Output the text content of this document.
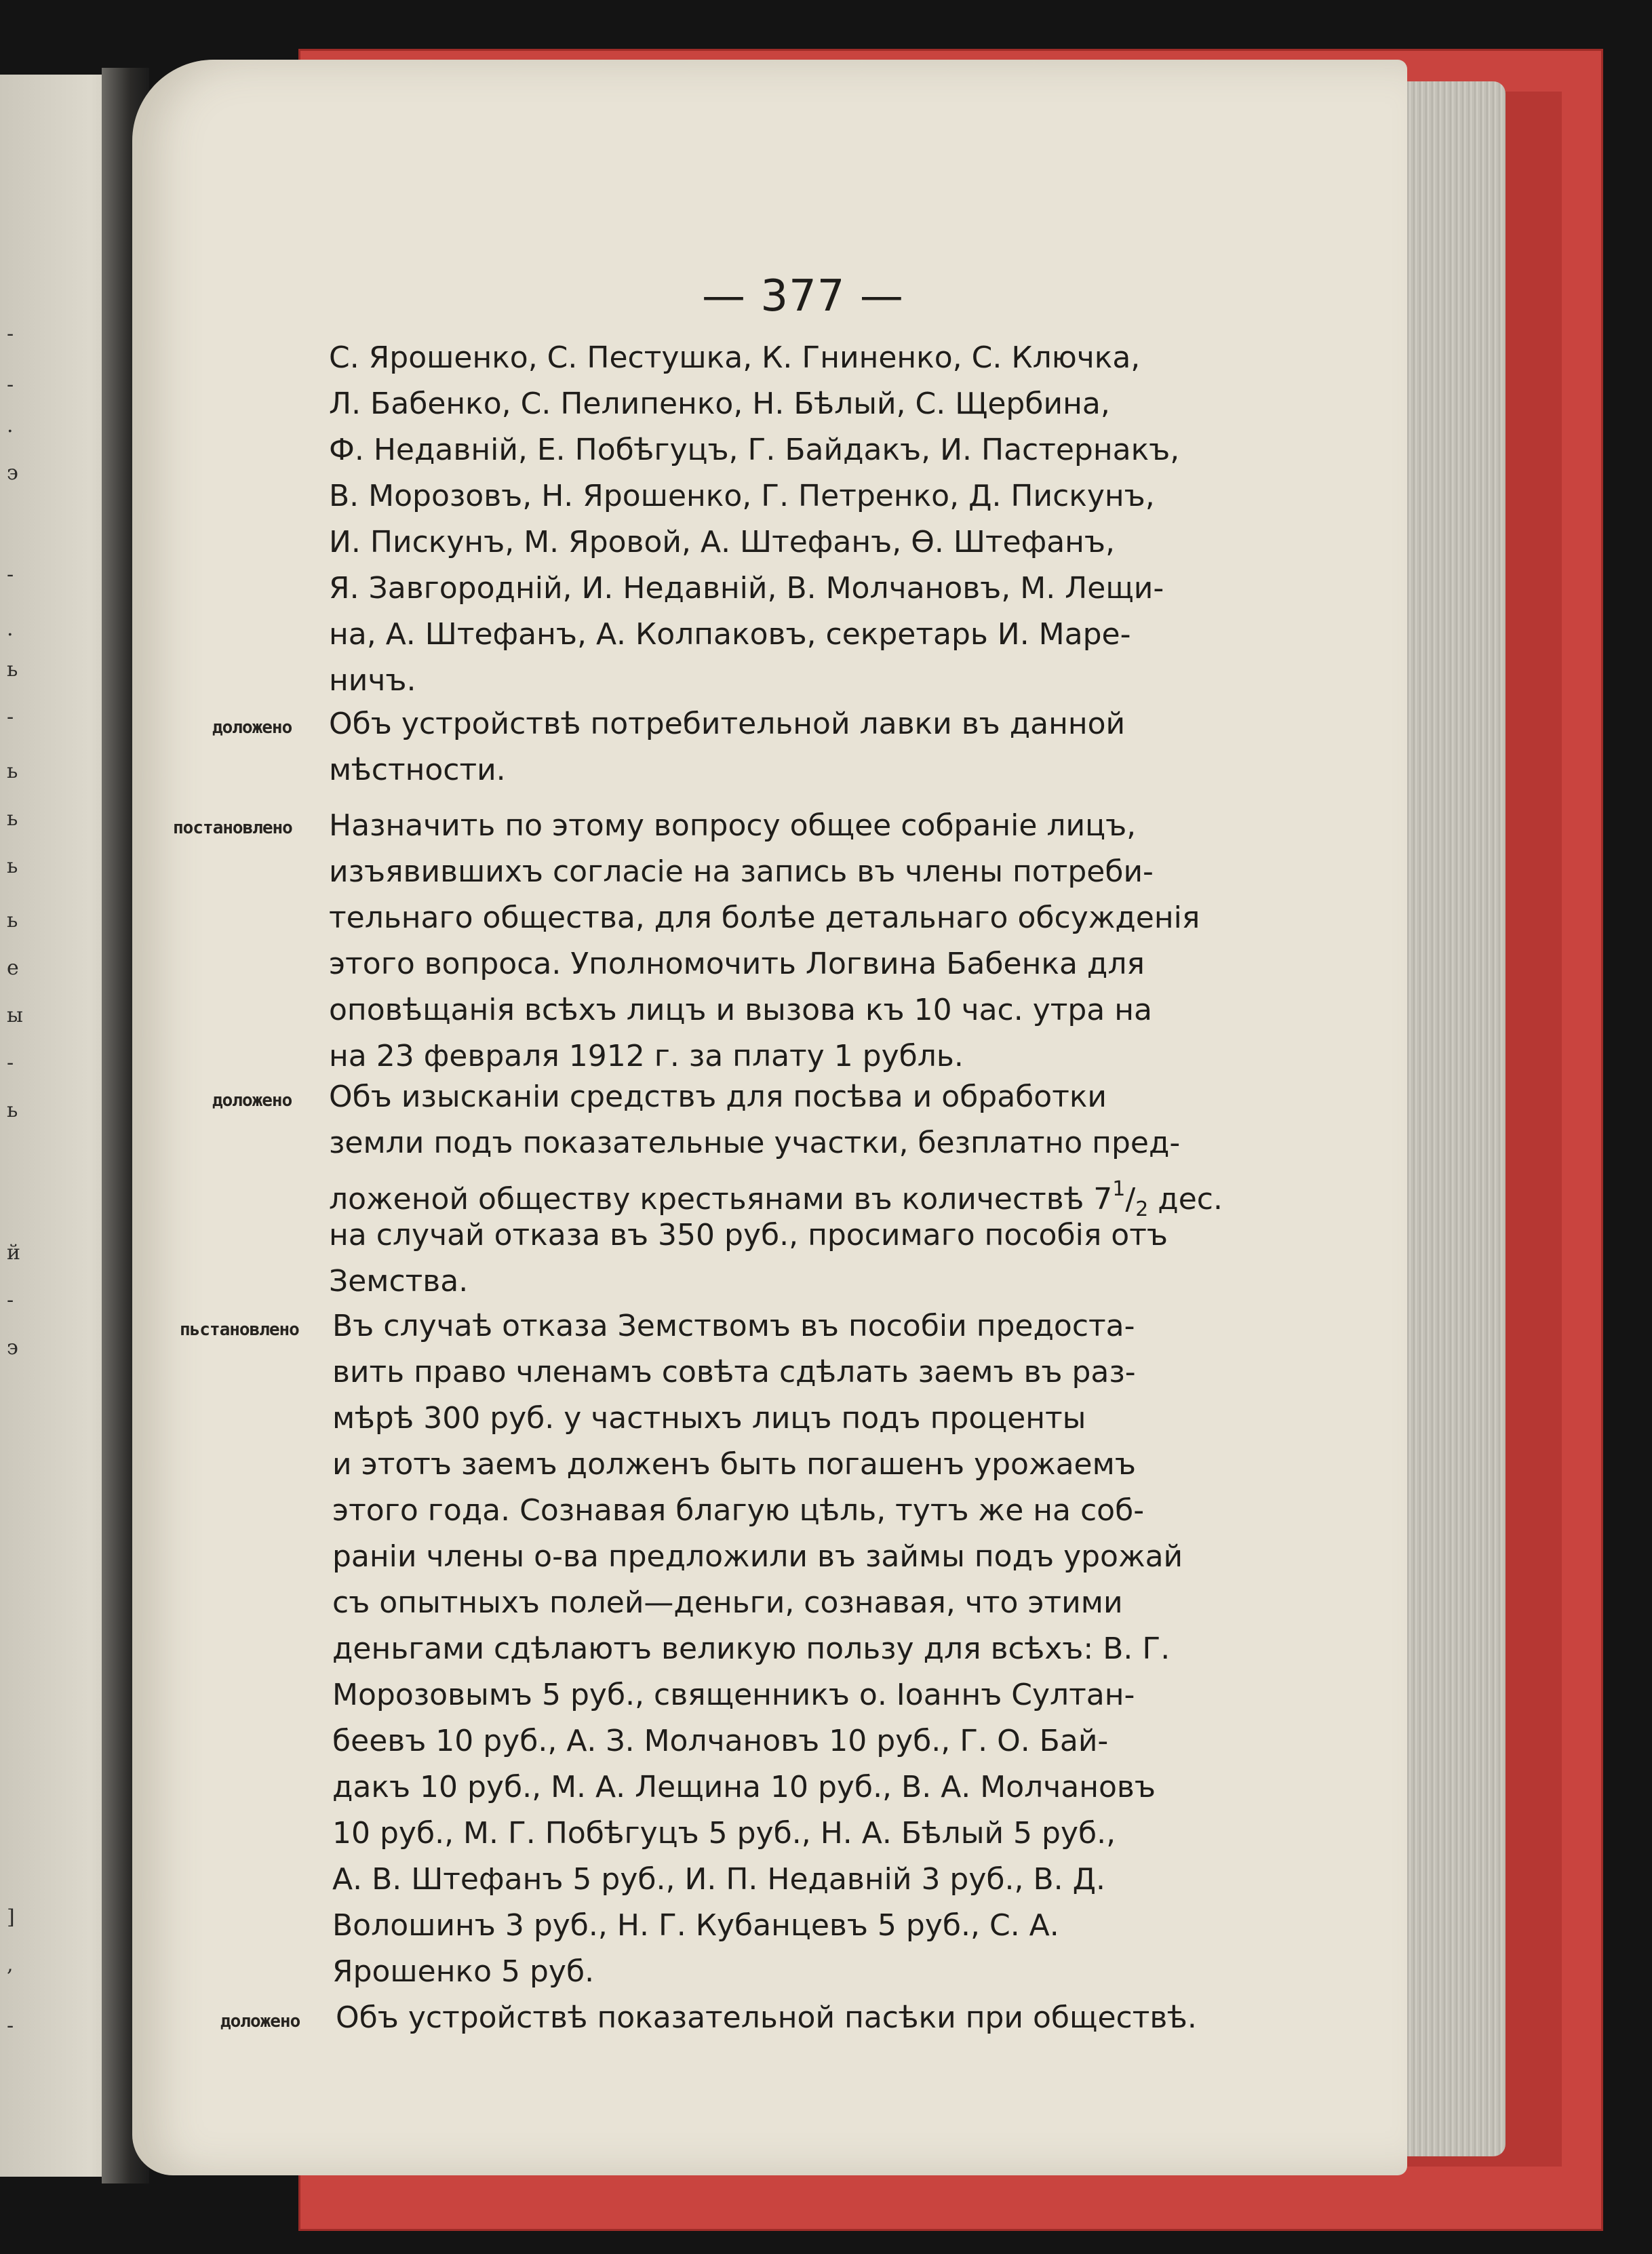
-
-
.
э
-
.
ь
-
ь
ь
ь
ь
е
ы
-
ь
й
-
э
]
,
-
— 377 —
С. Ярошенко, С. Пестушка, К. Гниненко, С. Ключка,
Л. Бабенко, С. Пелипенко, Н. Бѣлый, С. Щербина,
Ф. Недавній, Е. Побѣгуцъ, Г. Байдакъ, И. Пастернакъ,
В. Морозовъ, Н. Ярошенко, Г. Петренко, Д. Пискунъ,
И. Пискунъ, М. Яровой, А. Штефанъ, Ѳ. Штефанъ,
Я. Завгородній, И. Недавній, В. Молчановъ, М. Лещи-
на, А. Штефанъ, А. Колпаковъ, секретарь И. Маре-
ничъ.
доложено Объ устройствѣ потребительной лавки въ данной
мѣстности.
постановлено Назначить по этому вопросу общее собраніе лицъ,
изъявившихъ согласіе на запись въ члены потреби-
тельнаго общества, для болѣе детальнаго обсужденія
этого вопроса. Уполномочить Логвина Бабенка для
оповѣщанія всѣхъ лицъ и вызова къ 10 час. утра на
на 23 февраля 1912 г. за плату 1 рубль.
доложено Объ изысканіи средствъ для посѣва и обработки
земли подъ показательные участки, безплатно пред-
ложеной обществу крестьянами въ количествѣ $7^1/_2$ дес.
на случай отказа въ 350 руб., просимаго пособія отъ
Земства.
пьстановлено Въ случаѣ отказа Земствомъ въ пособіи предоста-
вить право членамъ совѣта сдѣлать заемъ въ раз-
мѣрѣ 300 руб. у частныхъ лицъ подъ проценты
и этотъ заемъ долженъ быть погашенъ урожаемъ
этого года. Сознавая благую цѣль, тутъ же на соб-
раніи члены о-ва предложили въ займы подъ урожай
съ опытныхъ полей—деньги, сознавая, что этими
деньгами сдѣлаютъ великую пользу для всѣхъ: В. Г.
Морозовымъ 5 руб., священникъ о. Іоаннъ Султан-
беевъ 10 руб., А. З. Молчановъ 10 руб., Г. О. Бай-
дакъ 10 руб., М. А. Лещина 10 руб., В. А. Молчановъ
10 руб., М. Г. Побѣгуцъ 5 руб., Н. А. Бѣлый 5 руб.,
А. В. Штефанъ 5 руб., И. П. Недавній 3 руб., В. Д.
Волошинъ 3 руб., Н. Г. Кубанцевъ 5 руб., С. А.
Ярошенко 5 руб.
доложено Объ устройствѣ показательной пасѣки при обществѣ.
